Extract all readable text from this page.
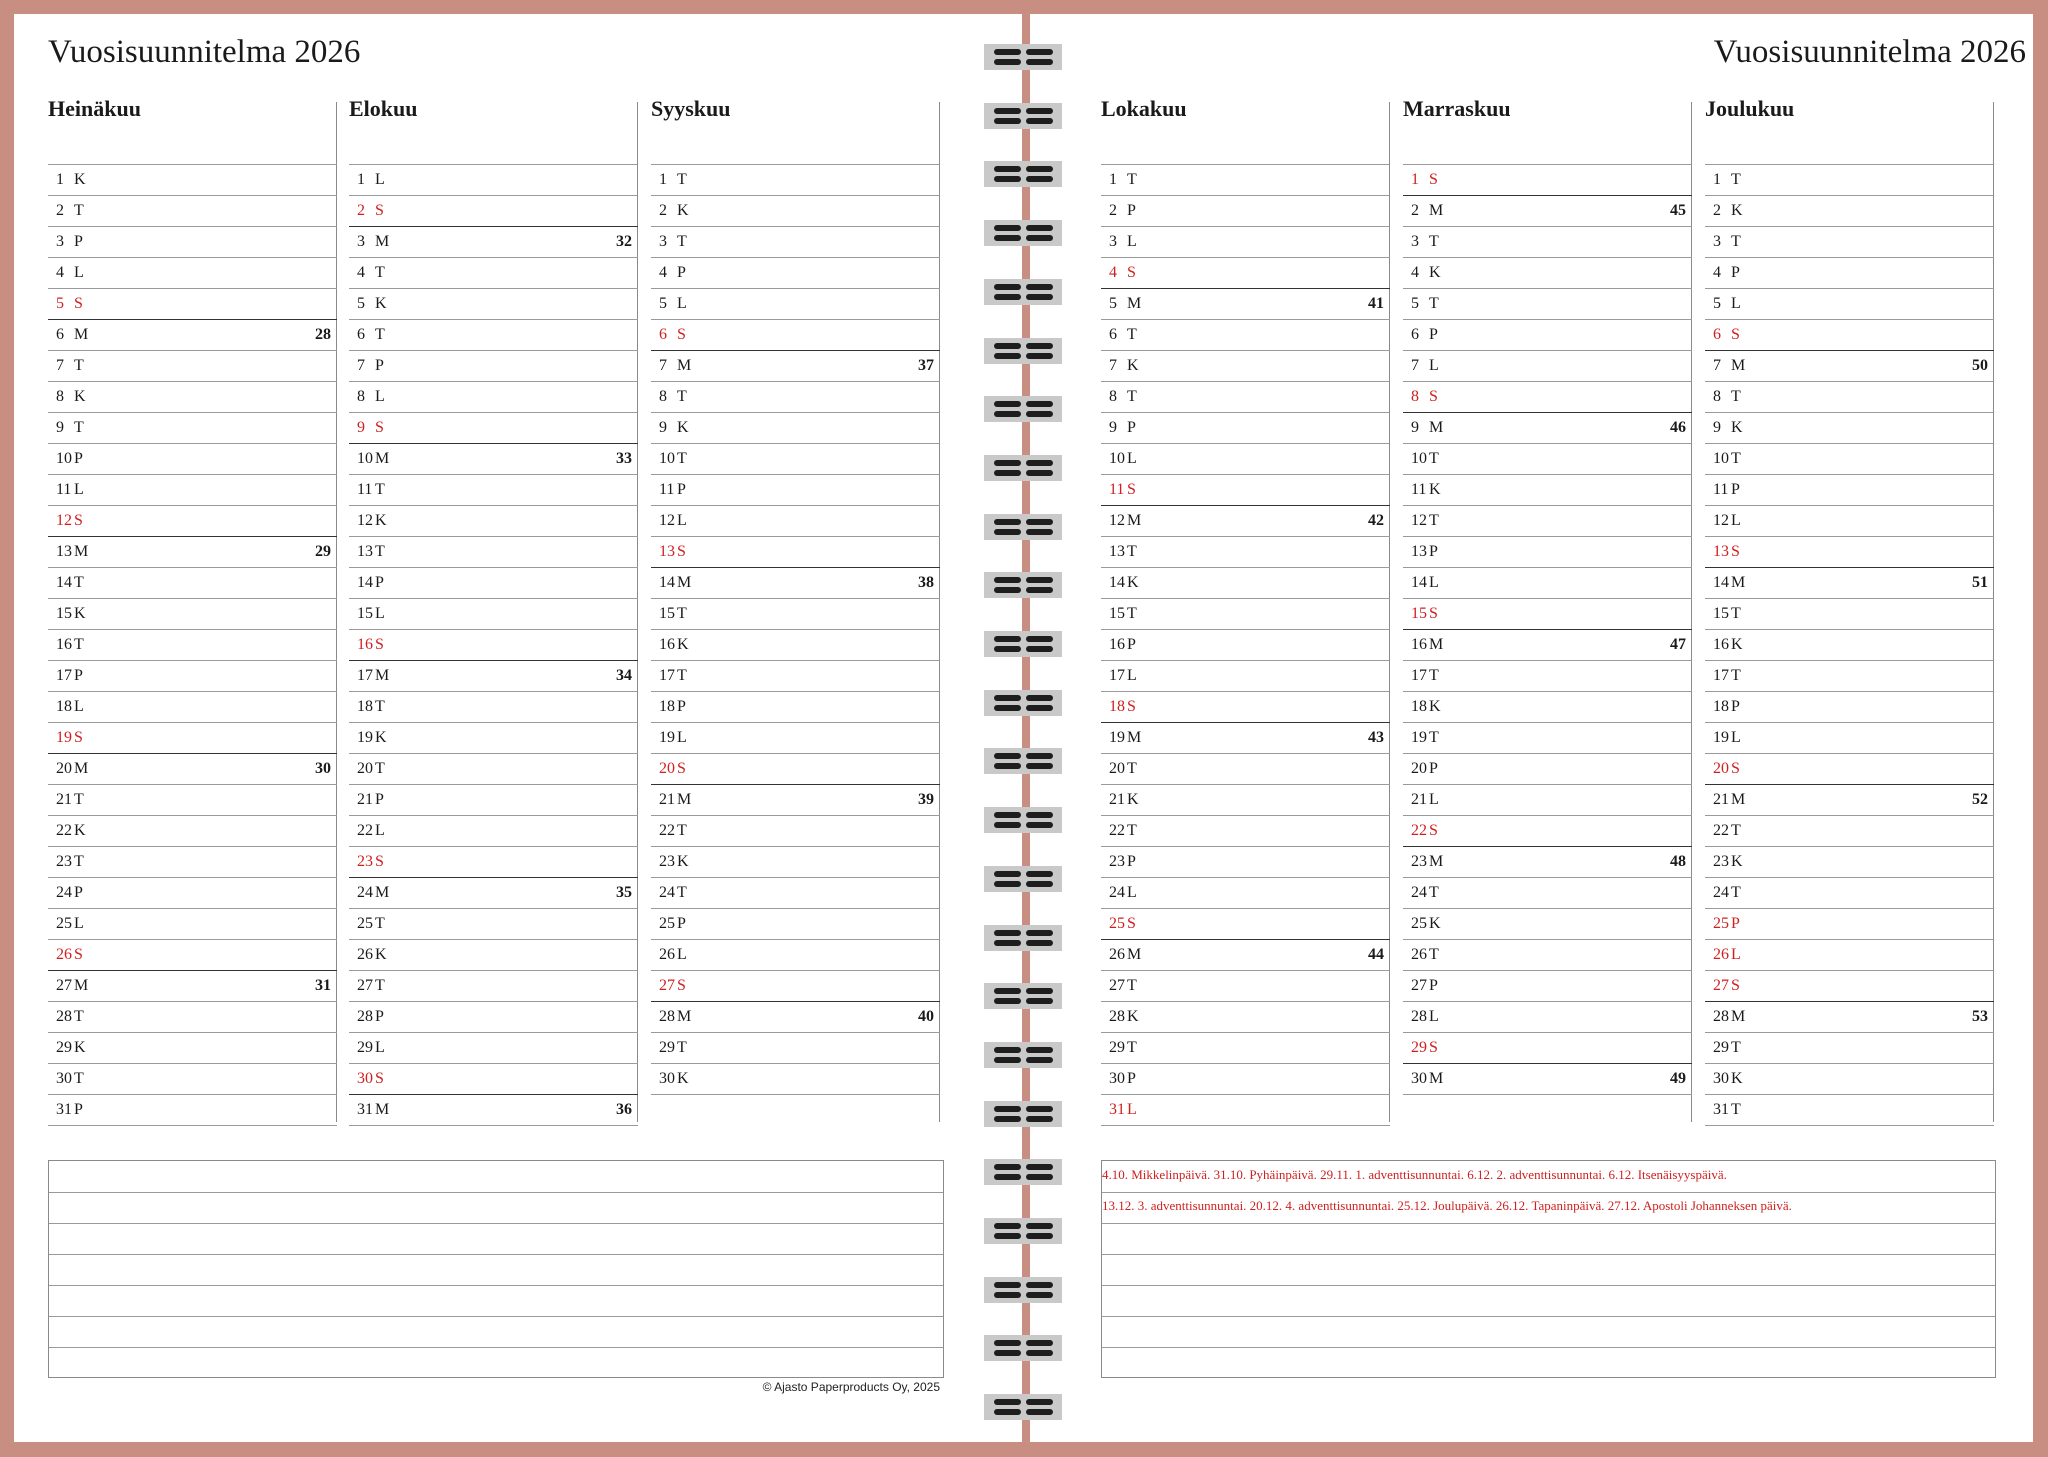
Vuosisuunnitelma 2026
Heinäkuu
1 K
2 T
3 P
4 L
5 S
6 M	28
7 T
8 K
9 T
10 P
11 L
12 S
13 M	29
14 T
15 K
16 T
17 P
18 L
19 S
20 M	30
21 T
22 K
23 T
24 P
25 L
26 S
27 M	31
28 T
29 K
30 T
31 P
Elokuu
1 L
2 S
3 M	32
4 T
5 K
6 T
7 P
8 L
9 S
10 M	33
11 T
12 K
13 T
14 P
15 L
16 S
17 M	34
18 T
19 K
20 T
21 P
22 L
23 S
24 M	35
25 T
26 K
27 T
28 P
29 L
30 S
31 M	36
Syyskuu
1 T
2 K
3 T
4 P
5 L
6 S
7 M	37
8 T
9 K
10 T
11 P
12 L
13 S
14 M	38
15 T
16 K
17 T
18 P
19 L
20 S
21 M	39
22 T
23 K
24 T
25 P
26 L
27 S
28 M	40
29 T
30 K
© Ajasto Paperproducts Oy, 2025
Vuosisuunnitelma 2026
Lokakuu
1 T
2 P
3 L
4 S
5 M	41
6 T
7 K
8 T
9 P
10 L
11 S
12 M	42
13 T
14 K
15 T
16 P
17 L
18 S
19 M	43
20 T
21 K
22 T
23 P
24 L
25 S
26 M	44
27 T
28 K
29 T
30 P
31 L
Marraskuu
1 S
2 M	45
3 T
4 K
5 T
6 P
7 L
8 S
9 M	46
10 T
11 K
12 T
13 P
14 L
15 S
16 M	47
17 T
18 K
19 T
20 P
21 L
22 S
23 M	48
24 T
25 K
26 T
27 P
28 L
29 S
30 M	49
Joulukuu
1 T
2 K
3 T
4 P
5 L
6 S
7 M	50
8 T
9 K
10 T
11 P
12 L
13 S
14 M	51
15 T
16 K
17 T
18 P
19 L
20 S
21 M	52
22 T
23 K
24 T
25 P
26 L
27 S
28 M	53
29 T
30 K
31 T
4.10. Mikkelinpäivä. 31.10. Pyhäinpäivä. 29.11. 1. adventtisunnuntai. 6.12. 2. adventtisunnuntai. 6.12. Itsenäisyyspäivä.
13.12. 3. adventtisunnuntai. 20.12. 4. adventtisunnuntai. 25.12. Joulupäivä. 26.12. Tapaninpäivä. 27.12. Apostoli Johanneksen päivä.
